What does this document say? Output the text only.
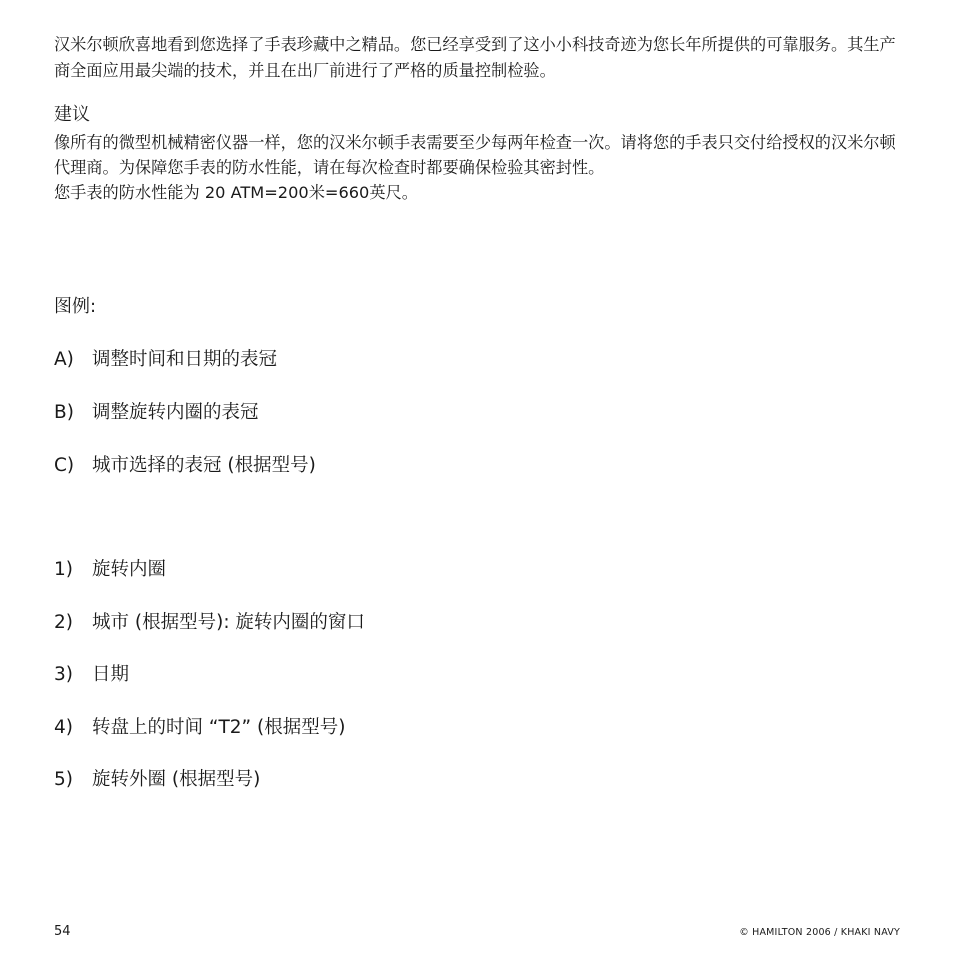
汉米尔顿欣喜地看到您选择了手表珍藏中之精品。您已经享受到了这小小科技奇迹为您长年所提供的可靠服务。其生产商全面应用最尖端的技术，并且在出厂前进行了严格的质量控制检验。

建议

像所有的微型机械精密仪器一样，您的汉米尔顿手表需要至少每两年检查一次。请将您的手表只交付给授权的汉米尔顿代理商。为保障您手表的防水性能，请在每次检查时都要确保检验其密封性。

您手表的防水性能为 20 ATM=200米=660英尺。

图例:

A) 调整时间和日期的表冠
B) 调整旋转内圈的表冠
C) 城市选择的表冠 (根据型号)
1) 旋转内圈
2) 城市 (根据型号): 旋转内圈的窗口
3) 日期
4) 转盘上的时间 “T2” (根据型号)
5) 旋转外圈 (根据型号)
54	© HAMILTON 2006 / KHAKI NAVY
